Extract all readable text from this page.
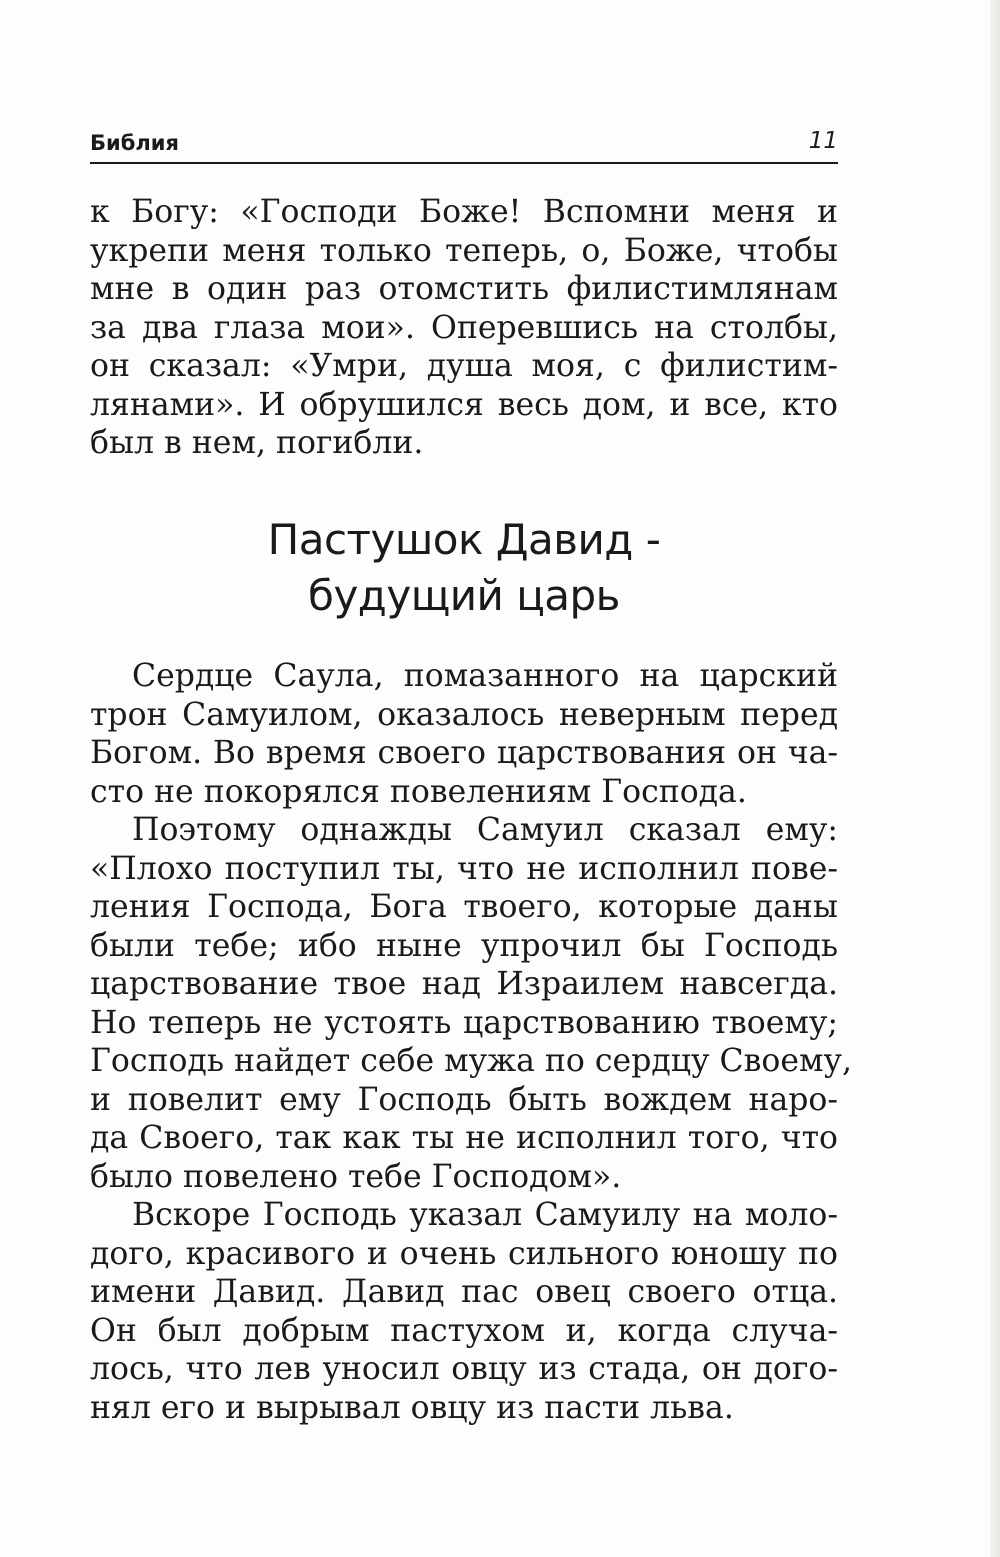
Библия	11
к Богу: «Господи Боже! Вспомни меня и
укрепи меня только теперь, о, Боже, чтобы
мне в один раз отомстить филистимлянам
за два глаза мои». Оперевшись на столбы,
он сказал: «Умри, душа моя, с филистим-
лянами». И обрушился весь дом, и все, кто
был в нем, погибли.
Пастушок Давид -
будущий царь
Сердце Саула, помазанного на царский
трон Самуилом, оказалось неверным перед
Богом. Во время своего царствования он ча-
сто не покорялся повелениям Господа.
Поэтому однажды Самуил сказал ему:
«Плохо поступил ты, что не исполнил пове-
ления Господа, Бога твоего, которые даны
были тебе; ибо ныне упрочил бы Господь
царствование твое над Израилем навсегда.
Но теперь не устоять царствованию твоему;
Господь найдет себе мужа по сердцу Своему,
и повелит ему Господь быть вождем наро-
да Своего, так как ты не исполнил того, что
было повелено тебе Господом».
Вскоре Господь указал Самуилу на моло-
дого, красивого и очень сильного юношу по
имени Давид. Давид пас овец своего отца.
Он был добрым пастухом и, когда случа-
лось, что лев уносил овцу из стада, он дого-
нял его и вырывал овцу из пасти льва.
